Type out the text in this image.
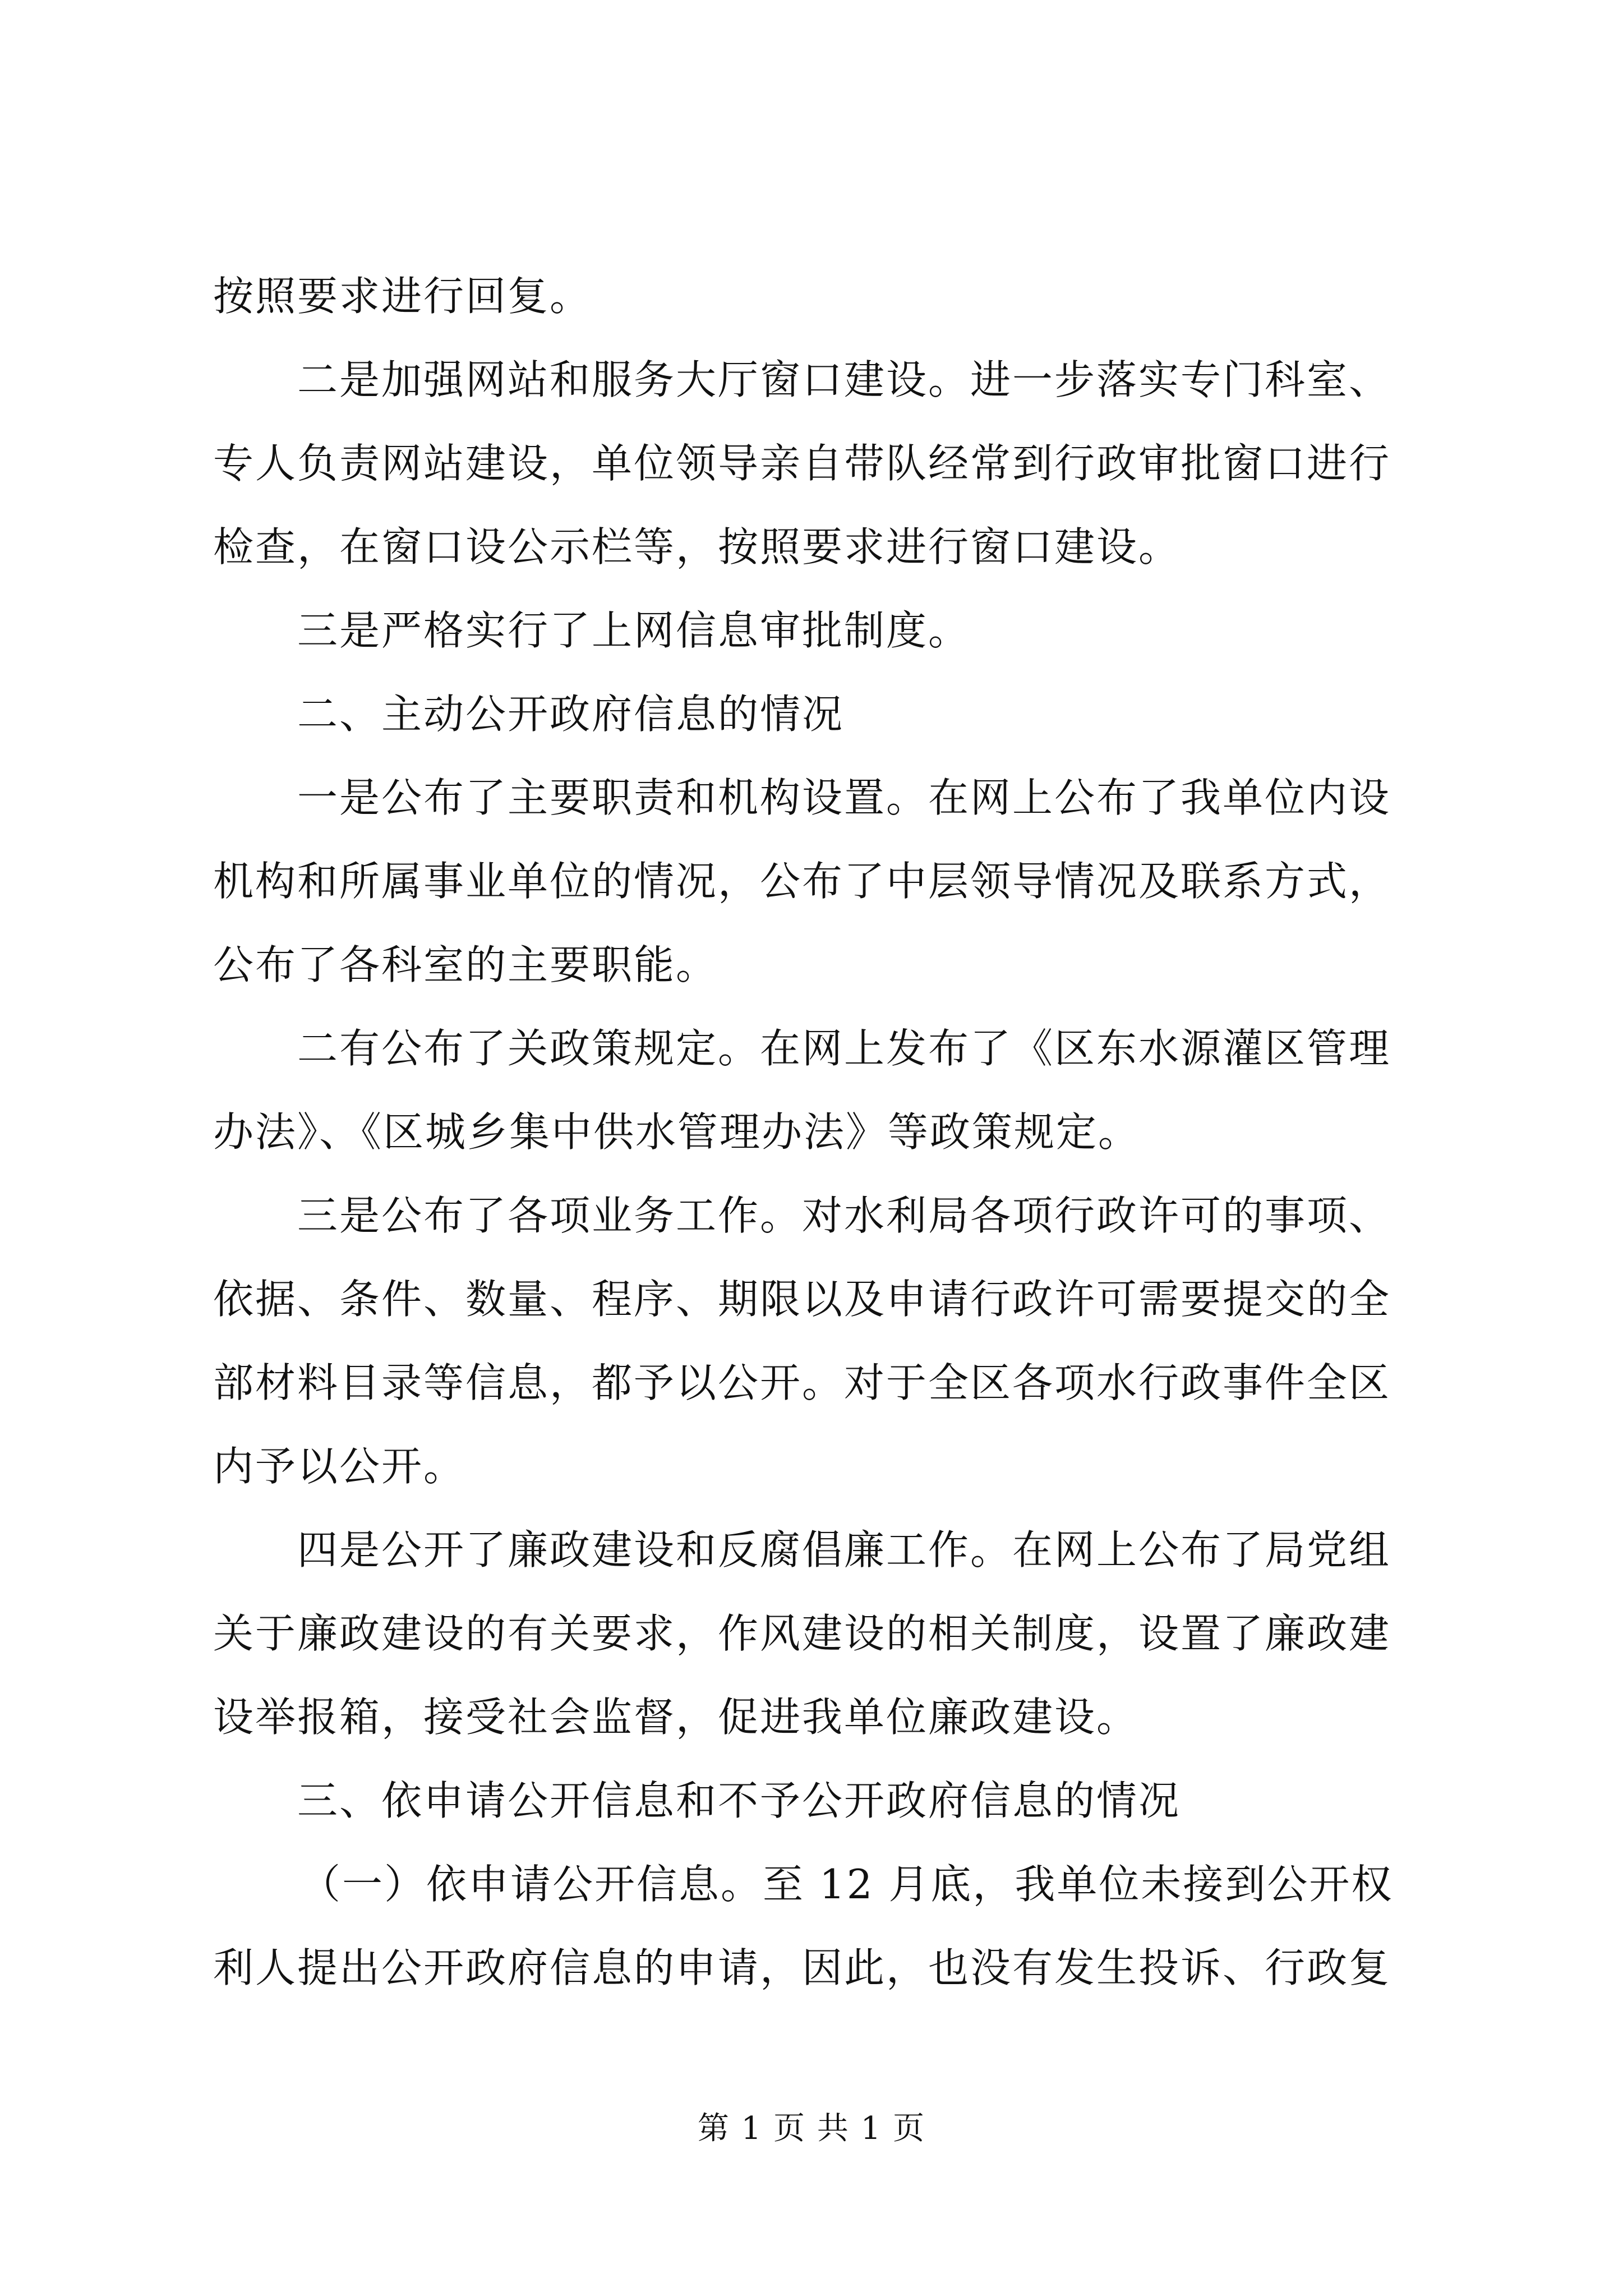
按照要求进行回复。
二是加强网站和服务大厅窗口建设。进一步落实专门科室、
专人负责网站建设，单位领导亲自带队经常到行政审批窗口进行
检查，在窗口设公示栏等，按照要求进行窗口建设。
三是严格实行了上网信息审批制度。
二、主动公开政府信息的情况
一是公布了主要职责和机构设置。在网上公布了我单位内设
机构和所属事业单位的情况，公布了中层领导情况及联系方式，
公布了各科室的主要职能。
二有公布了关政策规定。在网上发布了《区东水源灌区管理
办法》、《区城乡集中供水管理办法》等政策规定。
三是公布了各项业务工作。对水利局各项行政许可的事项、
依据、条件、数量、程序、期限以及申请行政许可需要提交的全
部材料目录等信息，都予以公开。对于全区各项水行政事件全区
内予以公开。
四是公开了廉政建设和反腐倡廉工作。在网上公布了局党组
关于廉政建设的有关要求，作风建设的相关制度，设置了廉政建
设举报箱，接受社会监督，促进我单位廉政建设。
三、依申请公开信息和不予公开政府信息的情况
（一）依申请公开信息。至 12 月底，我单位未接到公开权
利人提出公开政府信息的申请，因此，也没有发生投诉、行政复
第 1 页 共 1 页
